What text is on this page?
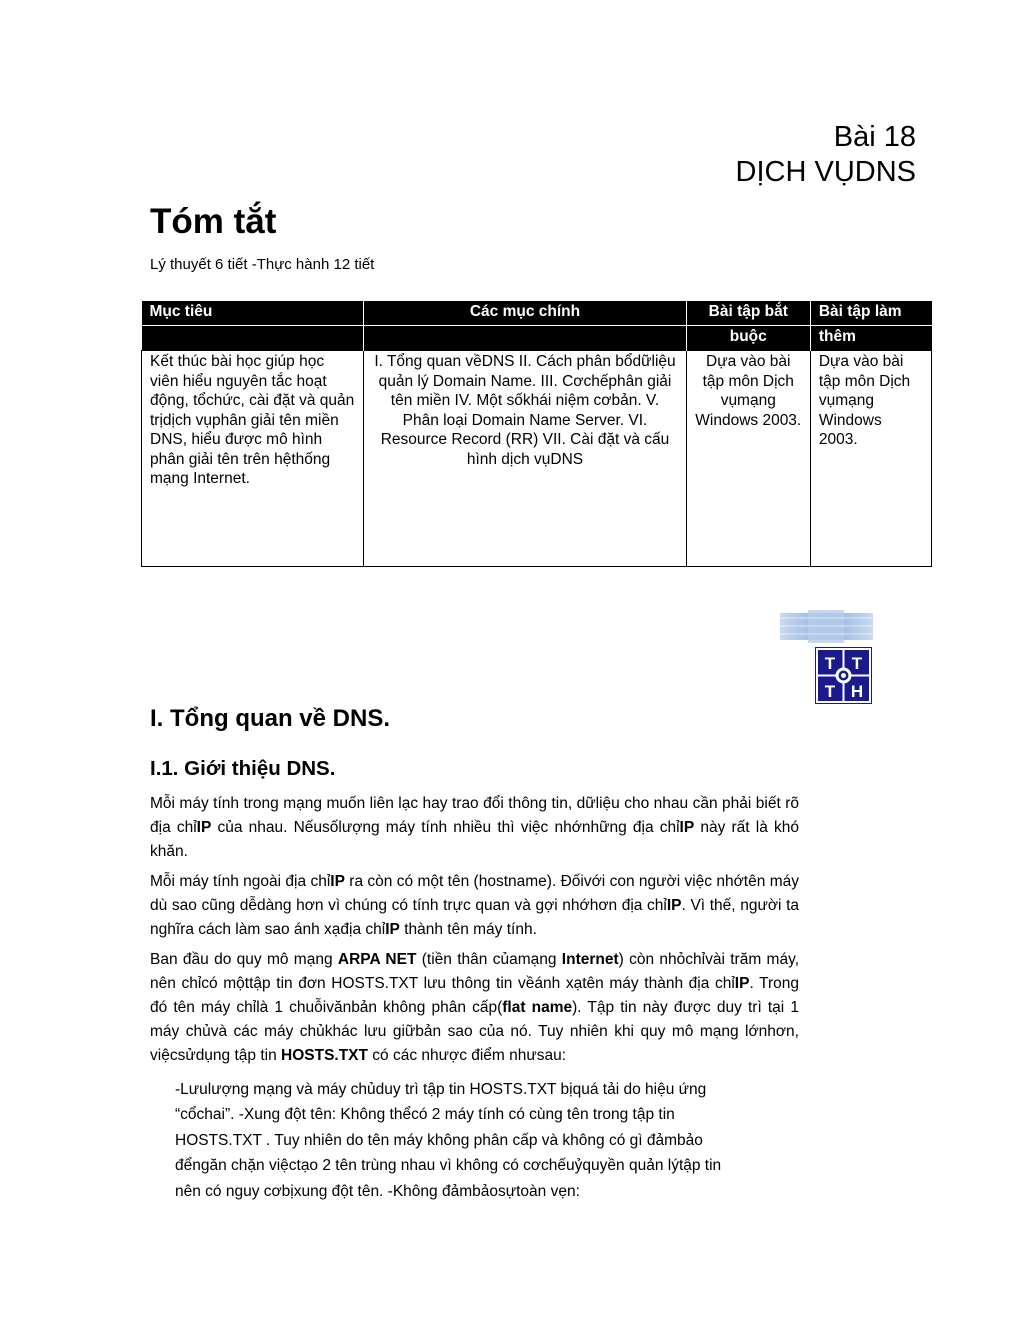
Bài 18
DỊCH VỤDNS
Tóm tắt
Lý thuyết 6 tiết -Thực hành 12 tiết
Mục tiêu	Các mục chính	Bài tập bắt	Bài tập làm
		buộc	thêm
Kết thúc bài học giúp học viên hiểu nguyên tắc hoạt động, tổchức, cài đặt và quản trịdịch vụphân giải tên miền DNS, hiểu được mô hình phân giải tên trên hệthống mạng Internet.	I. Tổng quan vềDNS II. Cách phân bổdữliệu quản lý Domain Name. III. Cơchếphân giải tên miền IV. Một sốkhái niệm cơbản. V. Phân loại Domain Name Server. VI. Resource Record (RR) VII. Cài đặt và cấu hình dịch vụDNS	Dựa vào bài tập môn Dịch vụmạng Windows 2003.	Dựa vào bài tập môn Dịch vụmạng Windows 2003.
T T
T H
I. Tổng quan về DNS.
I.1. Giới thiệu DNS.

Mỗi máy tính trong mạng muốn liên lạc hay trao đổi thông tin, dữliệu cho nhau cần phải biết rõ địa chỉIP của nhau. Nếusốlượng máy tính nhiều thì việc nhớnhững địa chỉIP này rất là khó khăn.

Mỗi máy tính ngoài địa chỉIP ra còn có một tên (hostname). Đốivới con người việc nhớtên máy dù sao cũng dễdàng hơn vì chúng có tính trực quan và gợi nhớhơn địa chỉIP. Vì thế, người ta nghĩra cách làm sao ánh xạđịa chỉIP thành tên máy tính.

Ban đầu do quy mô mạng ARPA NET (tiền thân củamạng Internet) còn nhỏchỉvài trăm máy, nên chỉcó mộttập tin đơn HOSTS.TXT lưu thông tin vềánh xạtên máy thành địa chỉIP. Trong đó tên máy chỉlà 1 chuỗivănbản không phân cấp(flat name). Tập tin này được duy trì tại 1 máy chủvà các máy chủkhác lưu giữbản sao của nó. Tuy nhiên khi quy mô mạng lớnhơn, việcsửdụng tập tin HOSTS.TXT có các nhược điểm nhưsau:

-Lưulượng mạng và máy chủduy trì tập tin HOSTS.TXT bịquá tải do hiệu ứng “cổchai”. -Xung đột tên: Không thểcó 2 máy tính có cùng tên trong tập tin HOSTS.TXT . Tuy nhiên do tên máy không phân cấp và không có gì đảmbảo đểngăn chặn việctạo 2 tên trùng nhau vì không có cơchếuỷquyền quản lýtập tin nên có nguy cơbịxung đột tên. -Không đảmbảosựtoàn vẹn:
